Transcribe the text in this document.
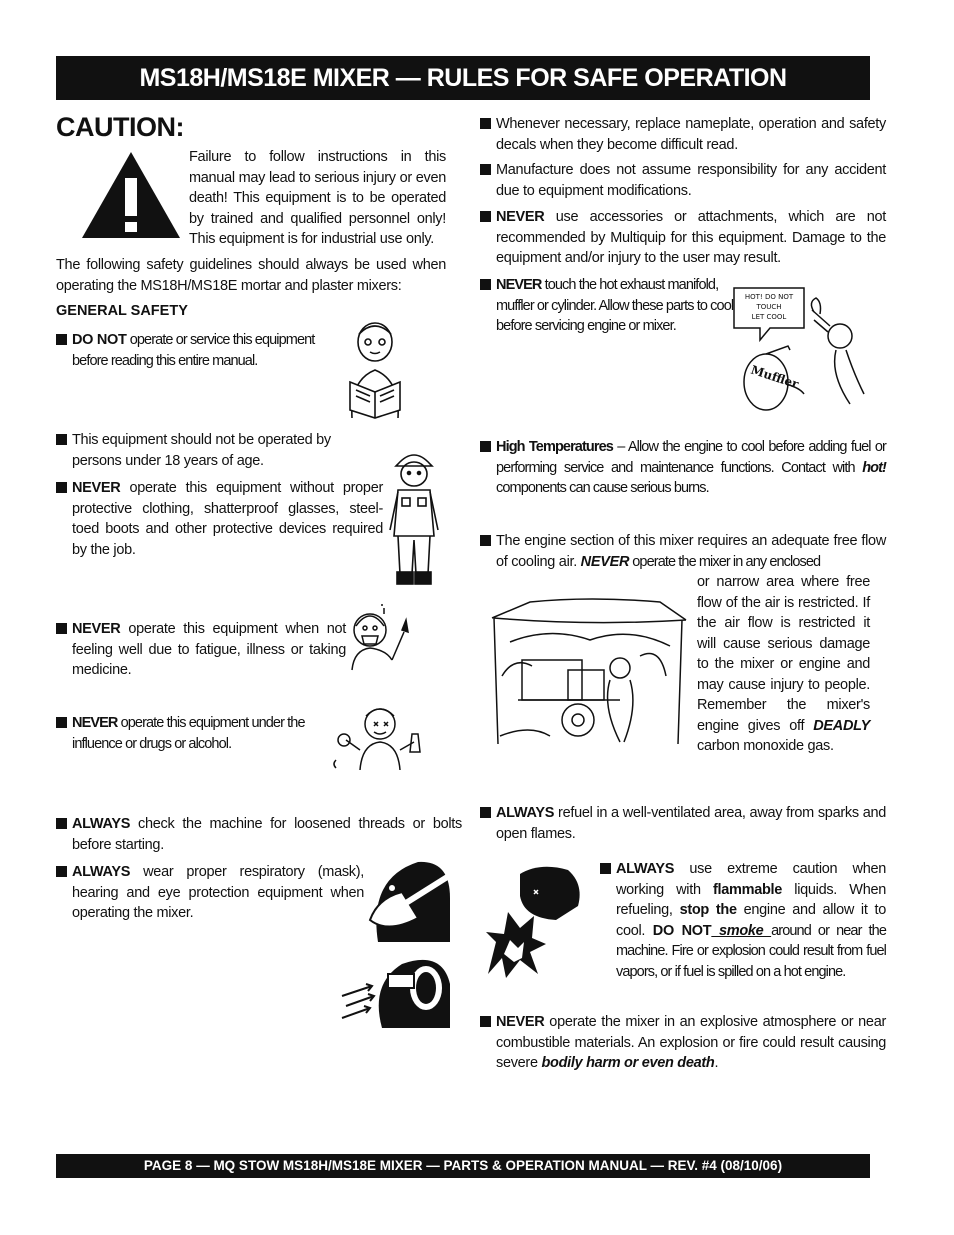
MS18H/MS18E MIXER — RULES FOR SAFE OPERATION
CAUTION:
Failure to follow instructions in this manual may lead to serious injury or even death! This equipment is to be operated by trained and qualified personnel only! This equipment is for industrial use only.
The following safety guidelines should always be used when operating the MS18H/MS18E mortar and plaster mixers:
GENERAL SAFETY
DO NOT operate or service this equipment before reading this entire manual.
This equipment should not be operated by persons under 18 years of age.
NEVER operate this equipment without proper protective clothing, shatterproof glasses, steel-toed boots and other protective devices required by the job.
NEVER operate this equipment when not feeling well due to fatigue, illness or taking medicine.
NEVER operate this equipment under the influence or drugs or alcohol.
ALWAYS check the machine for loosened threads or bolts before starting.
ALWAYS wear proper respiratory (mask), hearing and eye protection equipment when operating the mixer.
Whenever necessary, replace nameplate, operation and safety decals when they become difficult read.
Manufacture does not assume responsibility for any accident due to equipment modifications.
NEVER use accessories or attachments, which are not recommended by Multiquip for this equipment. Damage to the equipment and/or injury to the user may result.
NEVER touch the hot exhaust manifold, muffler or cylinder. Allow these parts to cool before servicing engine or mixer.
HOT! DO NOT
TOUCH
LET COOL
Muffler
High Temperatures – Allow the engine to cool before adding fuel or performing service and maintenance functions. Contact with hot! components can cause serious burns.
The engine section of this mixer requires an adequate free flow of cooling air. NEVER operate the mixer in any enclosed
or narrow area where free flow of the air is restricted. If the air flow is restricted it will cause serious damage to the mixer or engine and may cause injury to people. Remember the mixer's engine gives off DEADLY carbon monoxide gas.
ALWAYS refuel in a well-ventilated area, away from sparks and open flames.
ALWAYS use extreme caution when working with flammable liquids. When refueling, stop the engine and allow it to cool. DO NOT smoke around or near the machine. Fire or explosion could result from fuel vapors, or if fuel is spilled on a hot engine.
NEVER operate the mixer in an explosive atmosphere or near combustible materials. An explosion or fire could result causing severe bodily harm or even death.
PAGE 8 — MQ STOW MS18H/MS18E MIXER — PARTS & OPERATION MANUAL — REV. #4 (08/10/06)
